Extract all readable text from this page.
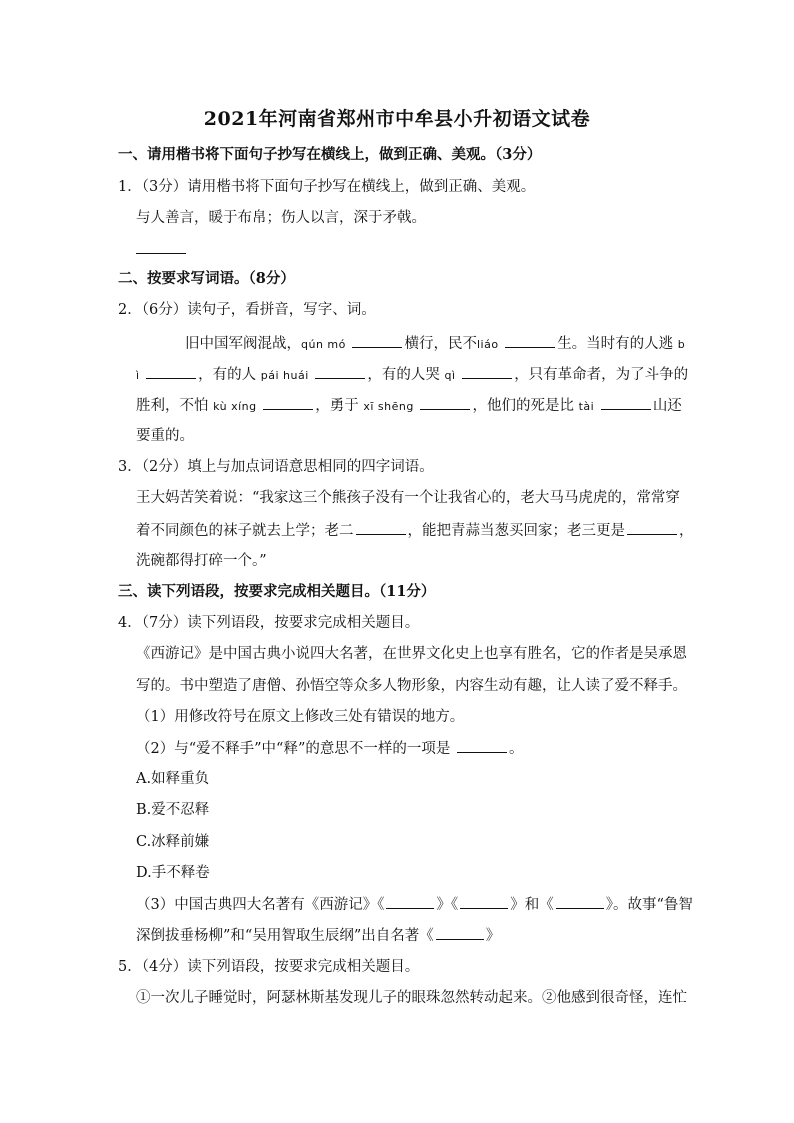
2021年河南省郑州市中牟县小升初语文试卷
一、请用楷书将下面句子抄写在横线上，做到正确、美观。（3分）
1．（3分）请用楷书将下面句子抄写在横线上，做到正确、美观。
与人善言，暖于布帛；伤人以言，深于矛戟。
二、按要求写词语。（8分）
2．（6分）读句子，看拼音，写字、词。
旧中国军阀混战，qún mó	横行，民不liáo	生。当时有的人逃 b
ì	，有的人 pái huái	，有的人哭 qì	，只有革命者，为了斗争的
胜利，不怕 kù xíng	，勇于 xī shēng	，他们的死是比 tài	山还
要重的。
3．（2分）填上与加点词语意思相同的四字词语。
王大妈苦笑着说：“我家这三个熊孩子没有一个让我省心的，老大马马虎虎的，常常穿
着不同颜色的袜子就去上学；老二	，能把青蒜当葱买回家；老三更是	，
洗碗都得打碎一个。”
三、读下列语段，按要求完成相关题目。（11分）
4．（7分）读下列语段，按要求完成相关题目。
《西游记》是中国古典小说四大名著，在世界文化史上也享有胜名，它的作者是吴承恩
写的。书中塑造了唐僧、孙悟空等众多人物形象，内容生动有趣，让人读了爱不释手。
（1）用修改符号在原文上修改三处有错误的地方。
（2）与“爱不释手”中“释”的意思不一样的一项是	。
A.如释重负
B.爱不忍释
C.冰释前嫌
D.手不释卷
（3）中国古典四大名著有《西游记》《	》《	》和《	》。故事“鲁智
深倒拔垂杨柳”和“吴用智取生辰纲”出自名著《	》
5．（4分）读下列语段，按要求完成相关题目。
①一次儿子睡觉时，阿瑟林斯基发现儿子的眼珠忽然转动起来。②他感到很奇怪，连忙
